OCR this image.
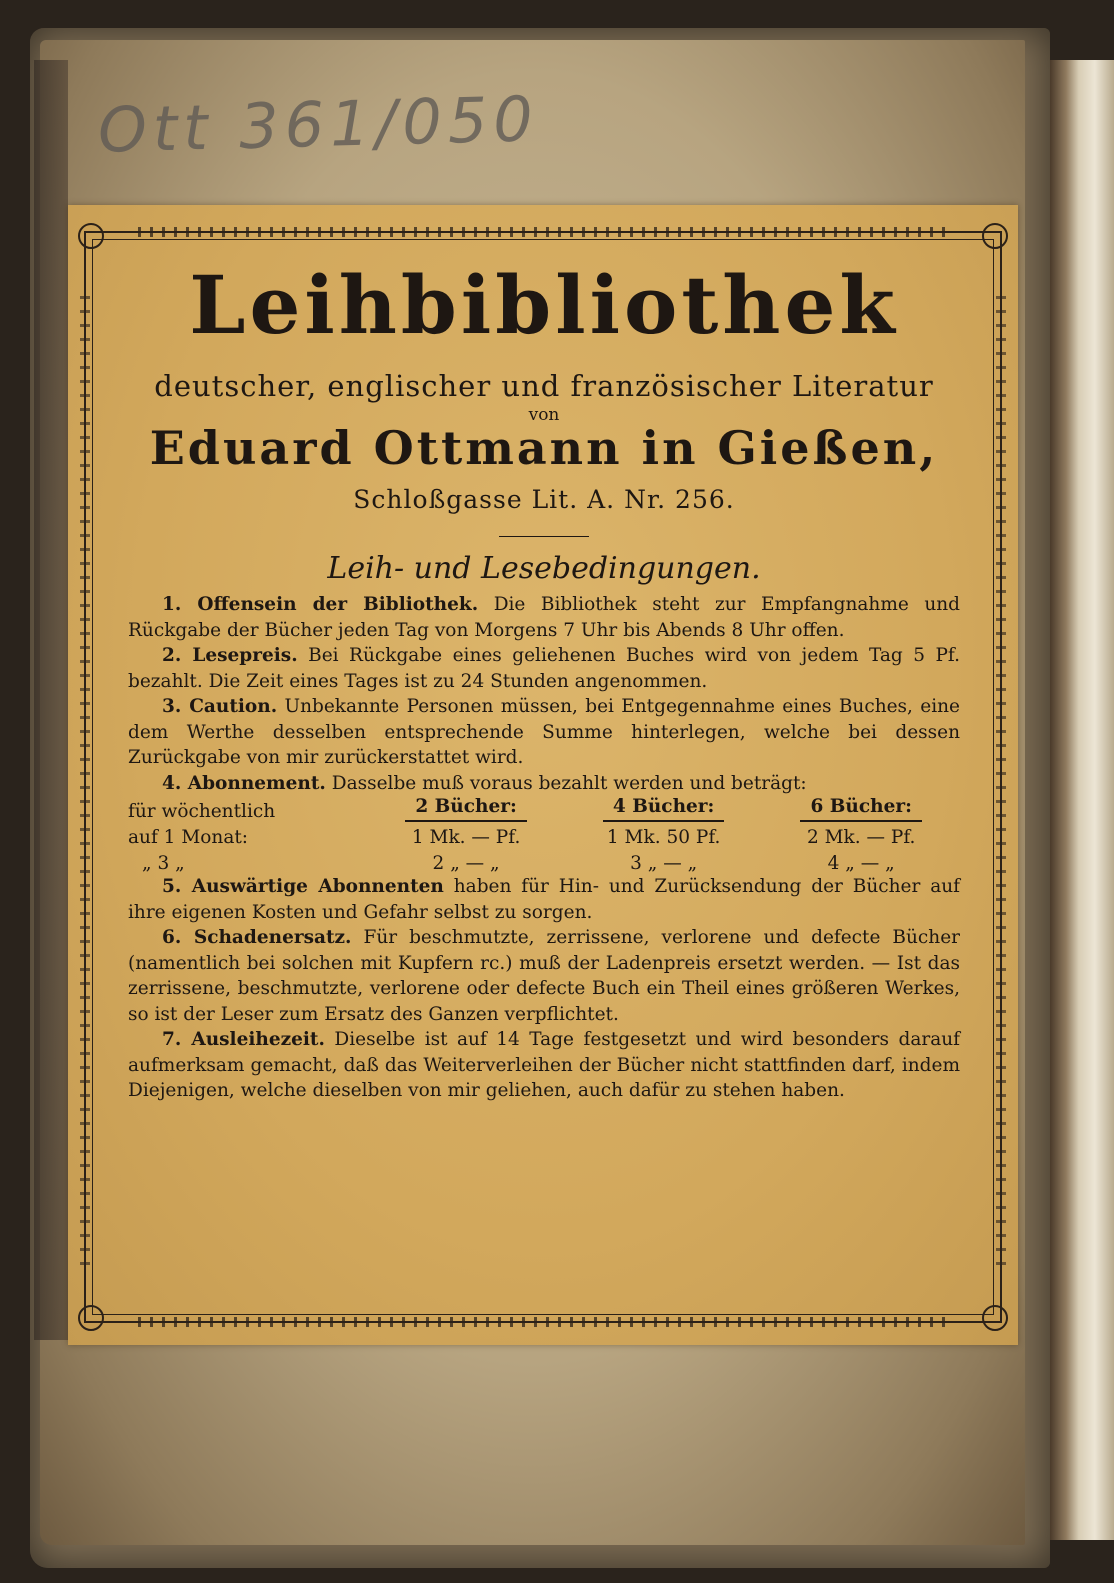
Ott 361/050
Leihbibliothek
deutscher, englischer und französischer Literatur
von
Eduard Ottmann in Gießen,
Schloßgasse Lit. A. Nr. 256.
Leih- und Lesebedingungen.

1. Offensein der Bibliothek. Die Bibliothek steht zur Empfangnahme und Rückgabe der Bücher jeden Tag von Morgens 7 Uhr bis Abends 8 Uhr offen.

2. Lesepreis. Bei Rückgabe eines geliehenen Buches wird von jedem Tag 5 Pf. bezahlt. Die Zeit eines Tages ist zu 24 Stunden angenommen.

3. Caution. Unbekannte Personen müssen, bei Entgegennahme eines Buches, eine dem Werthe desselben entsprechende Summe hinterlegen, welche bei dessen Zurückgabe von mir zurückerstattet wird.

4. Abonnement. Dasselbe muß voraus bezahlt werden und beträgt:

für wöchentlich	2 Bücher:	4 Bücher:	6 Bücher:
auf 1 Monat:	1 Mk. — Pf.	1 Mk. 50 Pf.	2 Mk. — Pf.
„ 3 „	2 „ — „	3 „ — „	4 „ — „

5. Auswärtige Abonnenten haben für Hin- und Zurücksendung der Bücher auf ihre eigenen Kosten und Gefahr selbst zu sorgen.

6. Schadenersatz. Für beschmutzte, zerrissene, verlorene und defecte Bücher (namentlich bei solchen mit Kupfern rc.) muß der Ladenpreis ersetzt werden. — Ist das zerrissene, beschmutzte, verlorene oder defecte Buch ein Theil eines größeren Werkes, so ist der Leser zum Ersatz des Ganzen verpflichtet.

7. Ausleihezeit. Dieselbe ist auf 14 Tage festgesetzt und wird besonders darauf aufmerksam gemacht, daß das Weiterverleihen der Bücher nicht stattfinden darf, indem Diejenigen, welche dieselben von mir geliehen, auch dafür zu stehen haben.
